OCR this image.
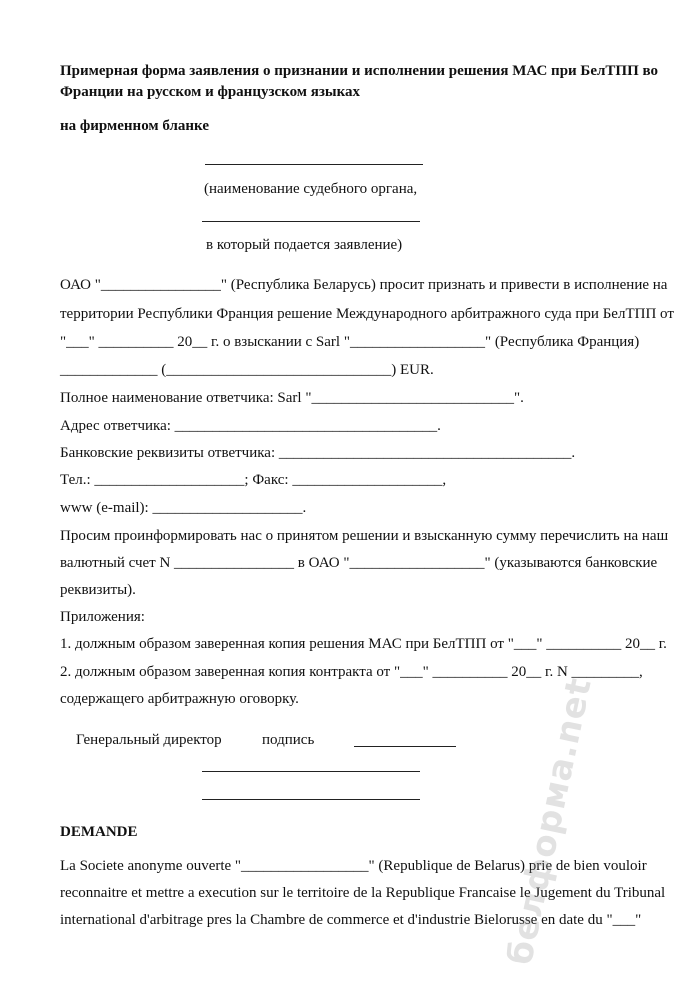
Примерная форма заявления о признании и исполнении решения МАС при БелТПП во
Франции на русском и французском языках
на фирменном бланке
(наименование судебного органа,
в который подается заявление)
ОАО "________________" (Республика Беларусь) просит признать и привести в исполнение на
территории Республики Франция решение Международного арбитражного суда при БелТПП от
"___" __________ 20__ г. о взыскании с Sarl "__________________" (Республика Франция)
_____________ (______________________________) EUR.
Полное наименование ответчика: Sarl "___________________________".
Адрес ответчика: ___________________________________.
Банковские реквизиты ответчика: _______________________________________.
Тел.: ____________________; Факс: ____________________,
www (e-mail): ____________________.
Просим проинформировать нас о принятом решении и взысканную сумму перечислить на наш
валютный счет N ________________ в ОАО "__________________" (указываются банковские
реквизиты).
Приложения:
1. должным образом заверенная копия решения МАС при БелТПП от "___" __________ 20__ г.
2. должным образом заверенная копия контракта от "___" __________ 20__ г. N _________,
содержащего арбитражную оговорку.
Генеральный директор	подпись
DEMANDE
La Societe anonyme ouverte "_________________" (Republique de Belarus) prie de bien vouloir
reconnaitre et mettre a execution sur le territoire de la Republique Francaise le Jugement du Tribunal
international d'arbitrage pres la Chambre de commerce et d'industrie Bielorusse en date du "___"
белформа.net
